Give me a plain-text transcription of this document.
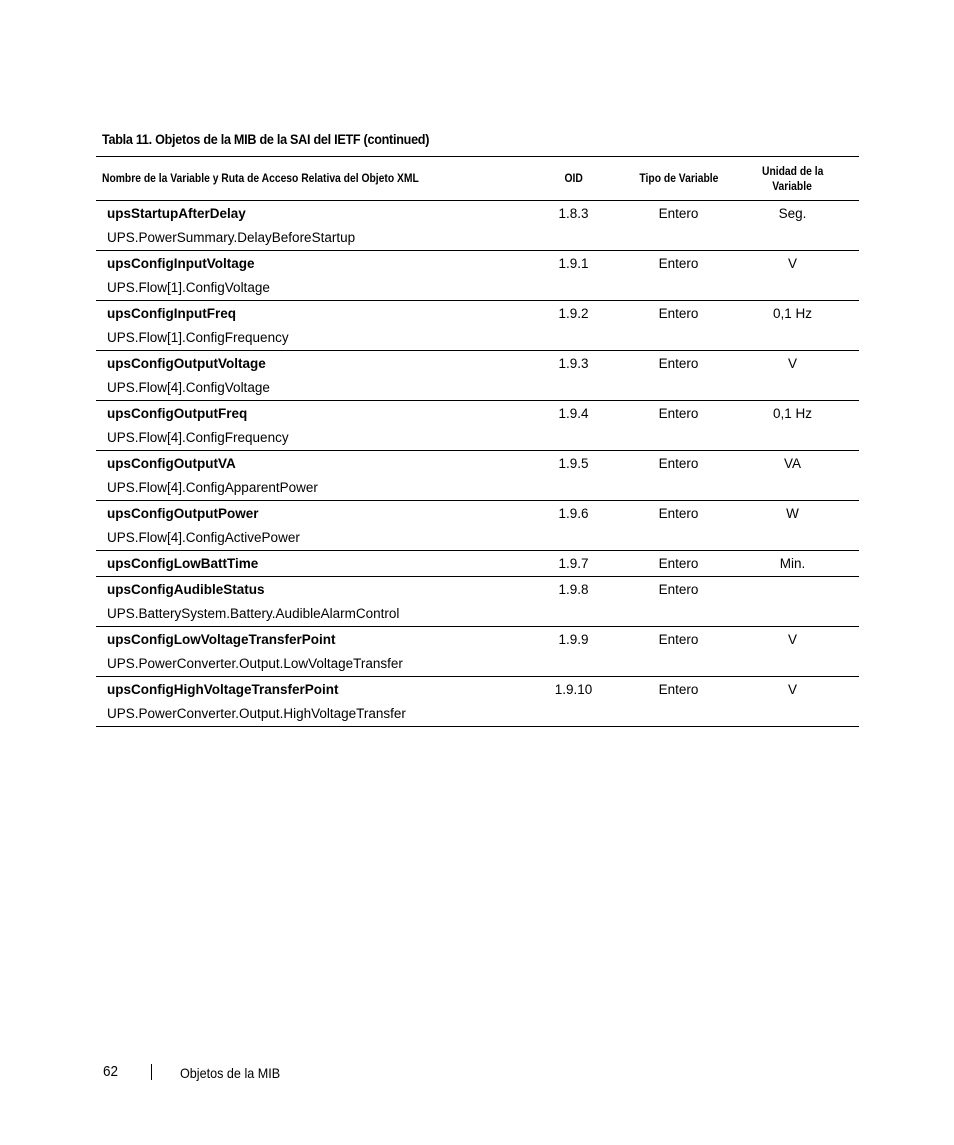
Tabla 11. Objetos de la MIB de la SAI del IETF (continued)
Nombre de la Variable y Ruta de Acceso Relativa del Objeto XML	OID	Tipo de Variable	Unidad de la
Variable

upsStartupAfterDelay
UPS.PowerSummary.DelayBeforeStartup	1.8.3	Entero	Seg.

upsConfigInputVoltage
UPS.Flow[1].ConfigVoltage	1.9.1	Entero	V

upsConfigInputFreq
UPS.Flow[1].ConfigFrequency	1.9.2	Entero	0,1 Hz

upsConfigOutputVoltage
UPS.Flow[4].ConfigVoltage	1.9.3	Entero	V

upsConfigOutputFreq
UPS.Flow[4].ConfigFrequency	1.9.4	Entero	0,1 Hz

upsConfigOutputVA
UPS.Flow[4].ConfigApparentPower	1.9.5	Entero	VA

upsConfigOutputPower
UPS.Flow[4].ConfigActivePower	1.9.6	Entero	W

upsConfigLowBattTime	1.9.7	Entero	Min.

upsConfigAudibleStatus
UPS.BatterySystem.Battery.AudibleAlarmControl	1.9.8	Entero	

upsConfigLowVoltageTransferPoint
UPS.PowerConverter.Output.LowVoltageTransfer	1.9.9	Entero	V

upsConfigHighVoltageTransferPoint
UPS.PowerConverter.Output.HighVoltageTransfer	1.9.10	Entero	V
62	Objetos de la MIB
